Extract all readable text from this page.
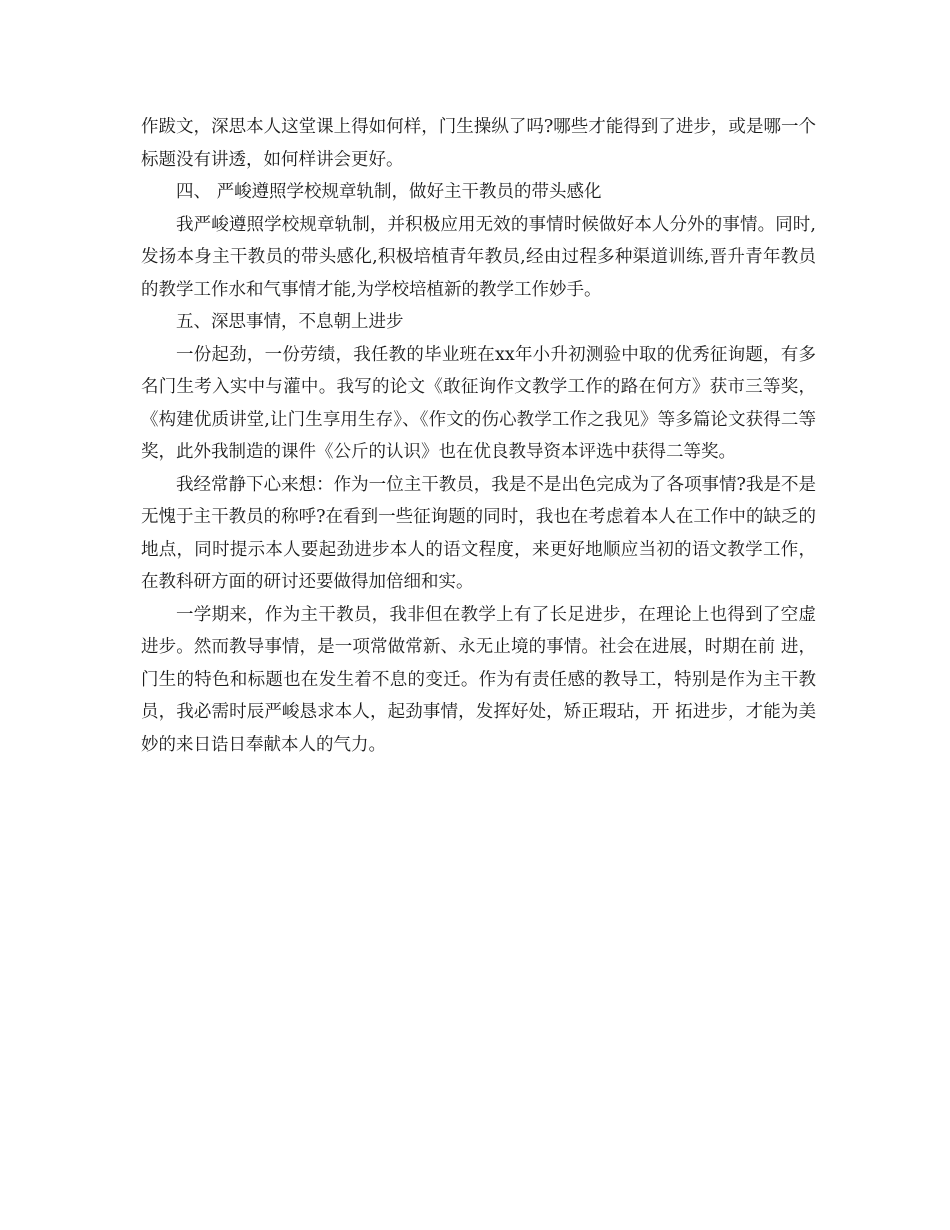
作跋文，深思本人这堂课上得如何样，门生操纵了吗?哪些才能得到了进步，或是哪一个标题没有讲透，如何样讲会更好。

四、 严峻遵照学校规章轨制，做好主干教员的带头感化

我严峻遵照学校规章轨制，并积极应用无效的事情时候做好本人分外的事情。同时,发扬本身主干教员的带头感化,积极培植青年教员,经由过程多种渠道训练,晋升青年教员的教学工作水和气事情才能,为学校培植新的教学工作妙手。

五、深思事情，不息朝上进步

一份起劲，一份劳绩，我任教的毕业班在xx年小升初测验中取的优秀征询题，有多名门生考入实中与灌中。我写的论文《敢征询作文教学工作的路在何方》获市三等奖，《构建优质讲堂,让门生享用生存》、《作文的伤心教学工作之我见》等多篇论文获得二等奖，此外我制造的课件《公斤的认识》也在优良教导资本评选中获得二等奖。

我经常静下心来想：作为一位主干教员，我是不是出色完成为了各项事情?我是不是无愧于主干教员的称呼?在看到一些征询题的同时，我也在考虑着本人在工作中的缺乏的地点，同时提示本人要起劲进步本人的语文程度，来更好地顺应当初的语文教学工作，在教科研方面的研讨还要做得加倍细和实。

一学期来，作为主干教员，我非但在教学上有了长足进步，在理论上也得到了空虚进步。然而教导事情，是一项常做常新、永无止境的事情。社会在进展，时期在前 进，门生的特色和标题也在发生着不息的变迁。作为有责任感的教导工，特别是作为主干教员，我必需时辰严峻恳求本人，起劲事情，发挥好处，矫正瑕玷，开 拓进步，才能为美妙的来日诰日奉献本人的气力。
